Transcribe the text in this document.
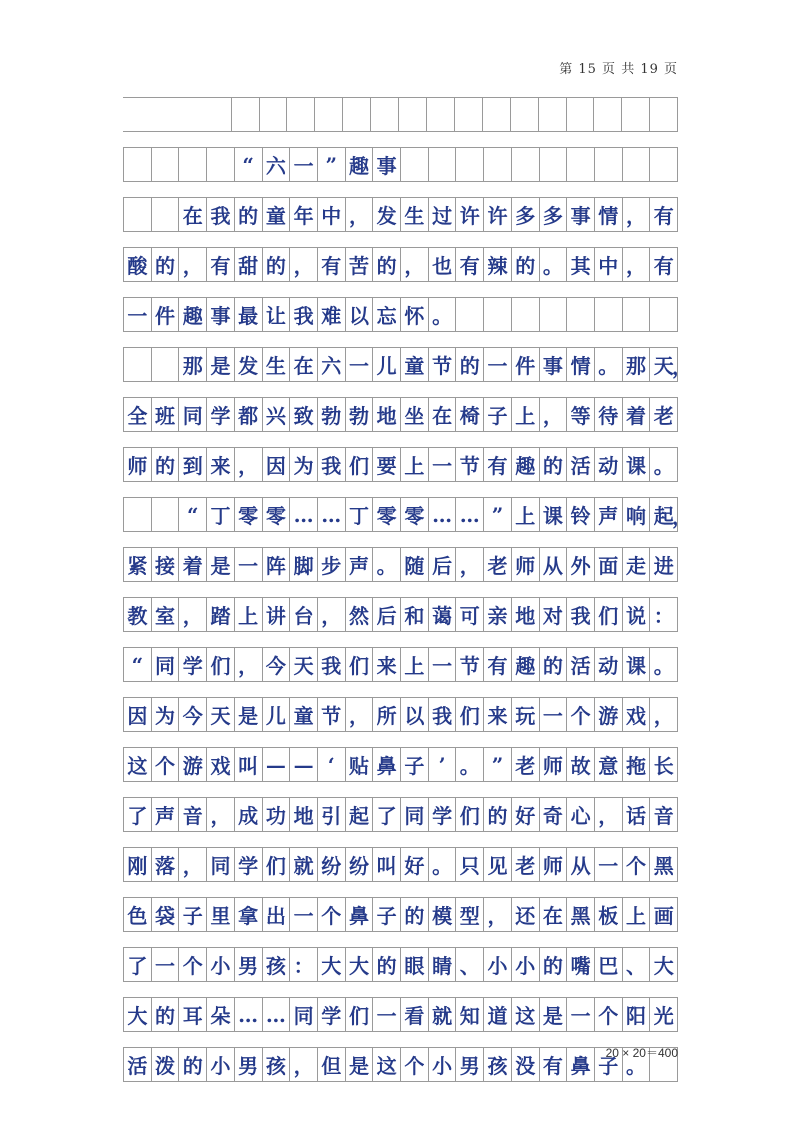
第 15 页 共 19 页
“ 六 一 ” 趣 事
在 我 的 童 年 中 ， 发 生 过 许 许 多 多 事 情 ， 有
酸 的 ， 有 甜 的 ， 有 苦 的 ， 也 有 辣 的 。 其 中 ， 有
一 件 趣 事 最 让 我 难 以 忘 怀 。
那 是 发 生 在 六 一 儿 童 节 的 一 件 事 情 。 那 天
，
全 班 同 学 都 兴 致 勃 勃 地 坐 在 椅 子 上 ， 等 待 着 老
师 的 到 来 ， 因 为 我 们 要 上 一 节 有 趣 的 活 动 课 。
“ 丁 零 零 … … 丁 零 零 … … ” 上 课 铃 声 响 起
，
紧 接 着 是 一 阵 脚 步 声 。 随 后 ， 老 师 从 外 面 走 进
教 室 ， 踏 上 讲 台 ， 然 后 和 蔼 可 亲 地 对 我 们 说 ：
“ 同 学 们 ， 今 天 我 们 来 上 一 节 有 趣 的 活 动 课 。
因 为 今 天 是 儿 童 节 ， 所 以 我 们 来 玩 一 个 游 戏 ，
这 个 游 戏 叫 — — ‘ 贴 鼻 子 ’ 。 ” 老 师 故 意 拖 长
了 声 音 ， 成 功 地 引 起 了 同 学 们 的 好 奇 心 ， 话 音
刚 落 ， 同 学 们 就 纷 纷 叫 好 。 只 见 老 师 从 一 个 黑
色 袋 子 里 拿 出 一 个 鼻 子 的 模 型 ， 还 在 黑 板 上 画
了 一 个 小 男 孩 ： 大 大 的 眼 睛 、 小 小 的 嘴 巴 、 大
大 的 耳 朵 … … 同 学 们 一 看 就 知 道 这 是 一 个 阳 光
活 泼 的 小 男 孩 ， 但 是 这 个 小 男 孩 没 有 鼻 子 。
20 × 20＝400
